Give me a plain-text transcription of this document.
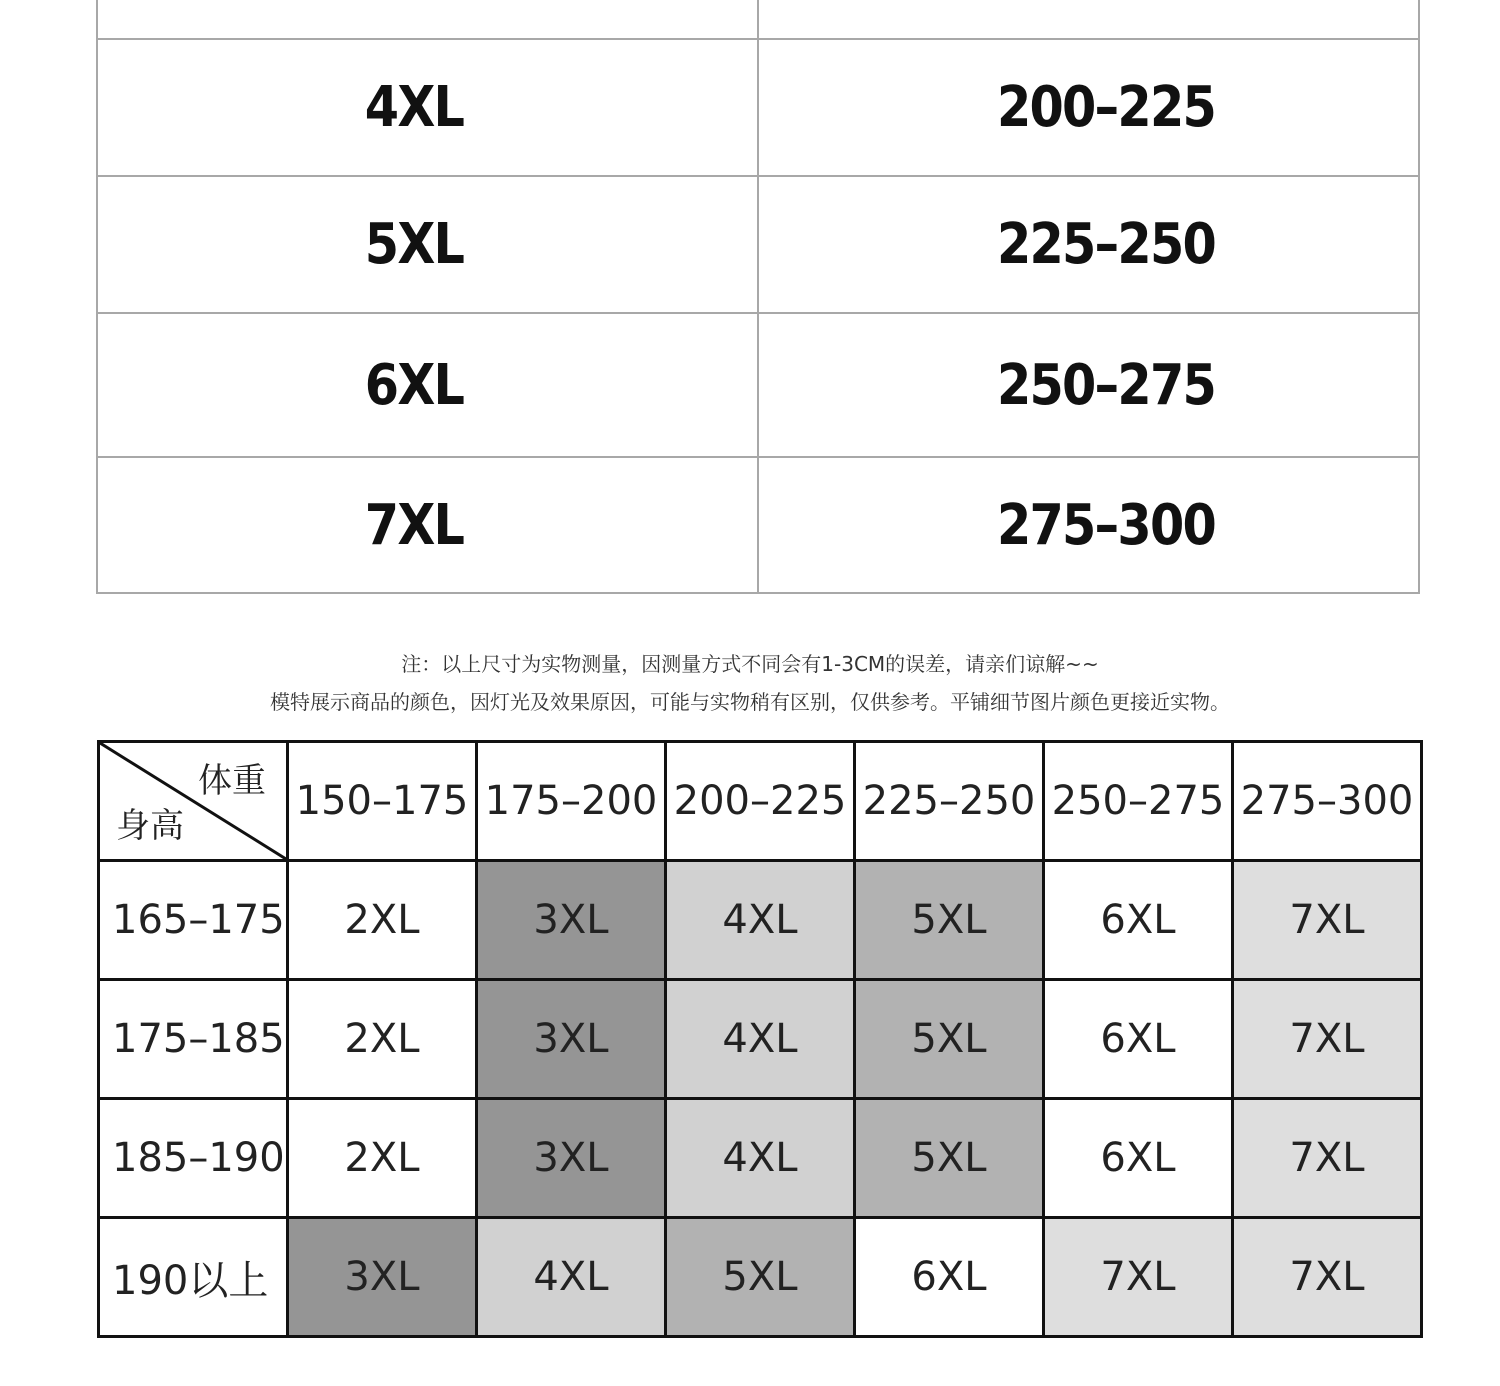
4XL	200–225
5XL	225–250
6XL	250–275
7XL	275–300
注：以上尺寸为实物测量，因测量方式不同会有1-3CM的误差，请亲们谅解~~
模特展示商品的颜色，因灯光及效果原因，可能与实物稍有区别，仅供参考。平铺细节图片颜色更接近实物。
体重
身高	150–175	175–200	200–225	225–250	250–275	275–300
165–175	2XL	3XL	4XL	5XL	6XL	7XL
175–185	2XL	3XL	4XL	5XL	6XL	7XL
185–190	2XL	3XL	4XL	5XL	6XL	7XL
190以上	3XL	4XL	5XL	6XL	7XL	7XL
